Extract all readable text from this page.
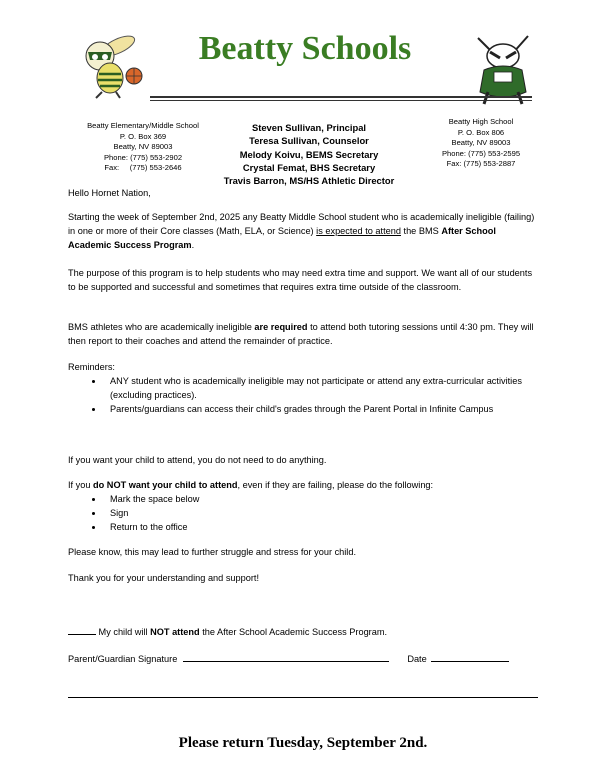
Beatty Schools
Beatty Elementary/Middle School
P. O. Box 369
Beatty, NV 89003
Phone: (775) 553-2902
Fax:     (775) 553-2646
Steven Sullivan, Principal
Teresa Sullivan, Counselor
Melody Koivu, BEMS Secretary
Crystal Femat, BHS Secretary
Travis Barron, MS/HS Athletic Director
Beatty High School
P. O. Box 806
Beatty, NV 89003
Phone: (775) 553-2595
Fax: (775) 553-2887
Hello Hornet Nation,
Starting the week of September 2nd, 2025 any Beatty Middle School student who is academically ineligible (failing) in one or more of their Core classes (Math, ELA, or Science) is expected to attend the BMS After School Academic Success Program.
The purpose of this program is to help students who may need extra time and support. We want all of our students to be supported and successful and sometimes that requires extra time outside of the classroom.
BMS athletes who are academically ineligible are required to attend both tutoring sessions until 4:30 pm. They will then report to their coaches and attend the remainder of practice.
Reminders:
• ANY student who is academically ineligible may not participate or attend any extra-curricular activities (excluding practices).
• Parents/guardians can access their child's grades through the Parent Portal in Infinite Campus
If you want your child to attend, you do not need to do anything.
If you do NOT want your child to attend, even if they are failing, please do the following:
• Mark the space below
• Sign
• Return to the office
Please know, this may lead to further struggle and stress for your child.
Thank you for your understanding and support!
My child will NOT attend the After School Academic Success Program.
Parent/Guardian Signature	Date
Please return Tuesday, September 2nd.
